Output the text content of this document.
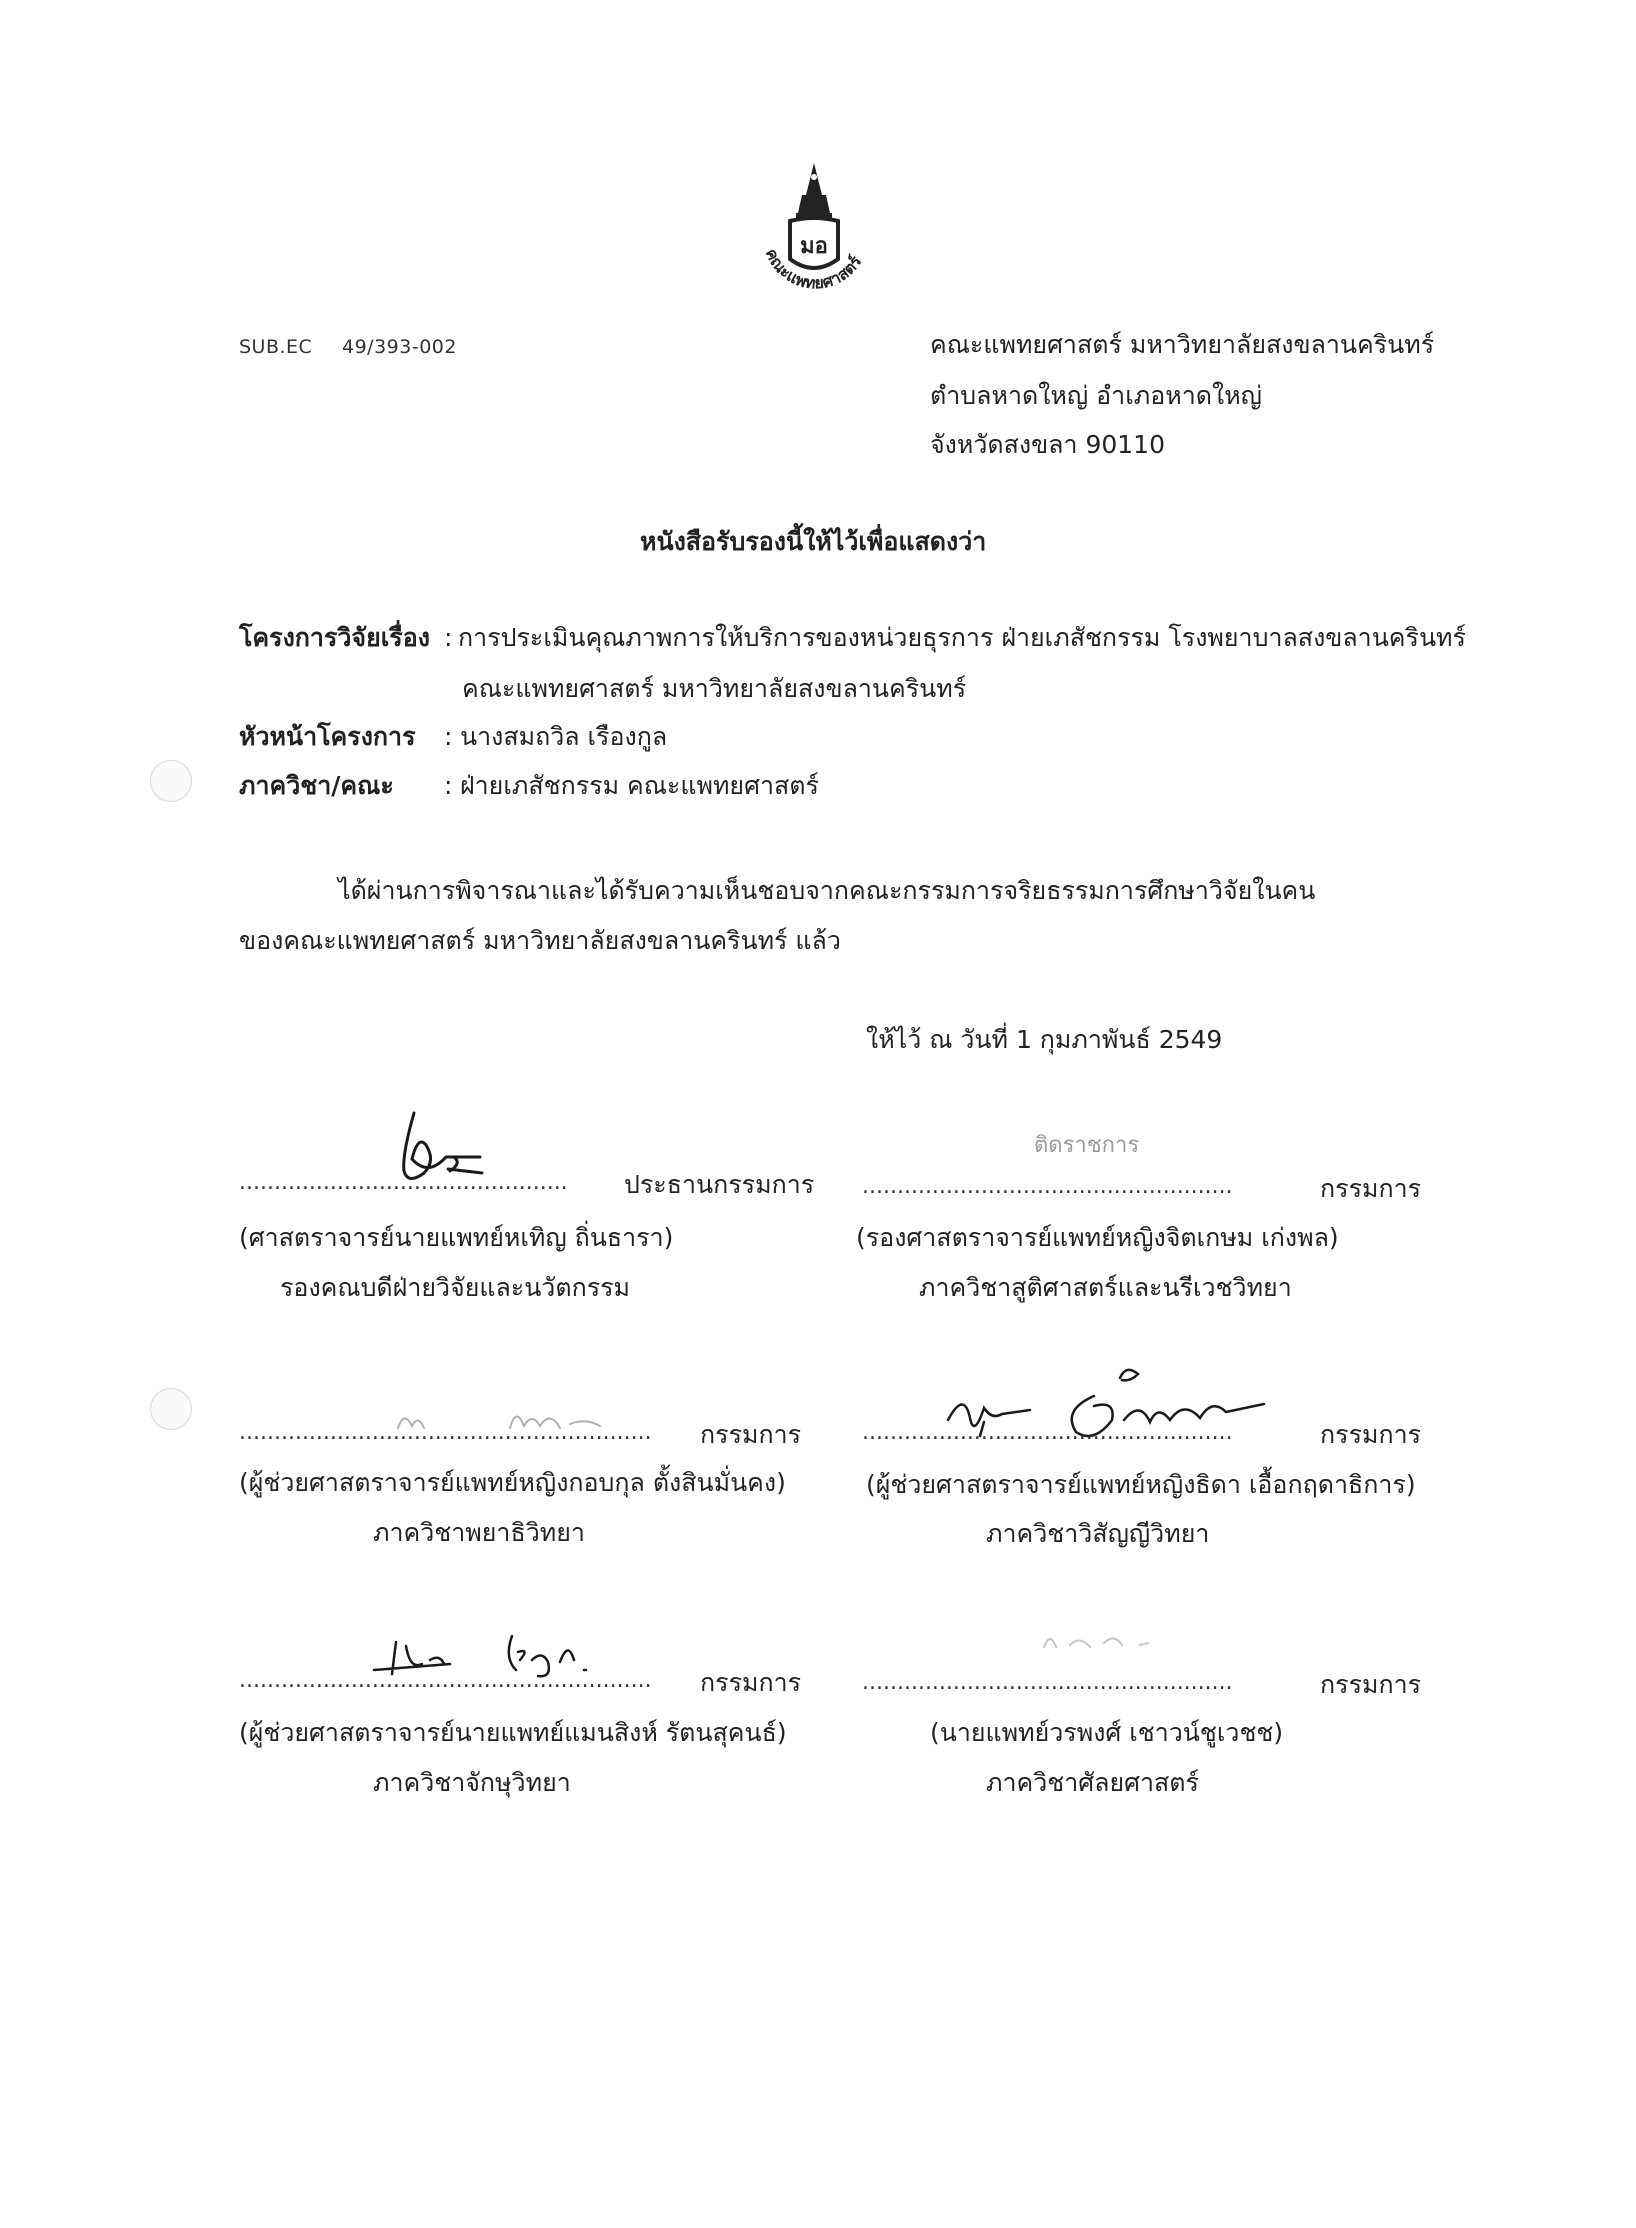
มอ
คณะแพทยศาสตร์
SUB.EC 49/393-002	คณะแพทยศาสตร์ มหาวิทยาลัยสงขลานครินทร์
ตำบลหาดใหญ่ อำเภอหาดใหญ่
จังหวัดสงขลา 90110
หนังสือรับรองนี้ให้ไว้เพื่อแสดงว่า
โครงการวิจัยเรื่อง : การประเมินคุณภาพการให้บริการของหน่วยธุรการ ฝ่ายเภสัชกรรม โรงพยาบาลสงขลานครินทร์
คณะแพทยศาสตร์ มหาวิทยาลัยสงขลานครินทร์
หัวหน้าโครงการ : นางสมถวิล เรืองกูล
ภาควิชา/คณะ : ฝ่ายเภสัชกรรม คณะแพทยศาสตร์
ได้ผ่านการพิจารณาและได้รับความเห็นชอบจากคณะกรรมการจริยธรรมการศึกษาวิจัยในคน
ของคณะแพทยศาสตร์ มหาวิทยาลัยสงขลานครินทร์ แล้ว
ให้ไว้ ณ วันที่ 1 กุมภาพันธ์ 2549
............................................... ประธานกรรมการ
(ศาสตราจารย์นายแพทย์หเทิญ ถิ่นธารา)
รองคณบดีฝ่ายวิจัยและนวัตกรรม
ติดราชการ
.....................................................	กรรมการ
(รองศาสตราจารย์แพทย์หญิงจิตเกษม เก่งพล)
ภาควิชาสูติศาสตร์และนรีเวชวิทยา
........................................................... กรรมการ
(ผู้ช่วยศาสตราจารย์แพทย์หญิงกอบกุล ตั้งสินมั่นคง)
ภาควิชาพยาธิวิทยา
.....................................................	กรรมการ
(ผู้ช่วยศาสตราจารย์แพทย์หญิงธิดา เอื้อกฤดาธิการ)
ภาควิชาวิสัญญีวิทยา
........................................................... กรรมการ
(ผู้ช่วยศาสตราจารย์นายแพทย์แมนสิงห์ รัตนสุคนธ์)
ภาควิชาจักษุวิทยา
.....................................................	กรรมการ
(นายแพทย์วรพงศ์ เชาวน์ชูเวชช)
ภาควิชาศัลยศาสตร์
